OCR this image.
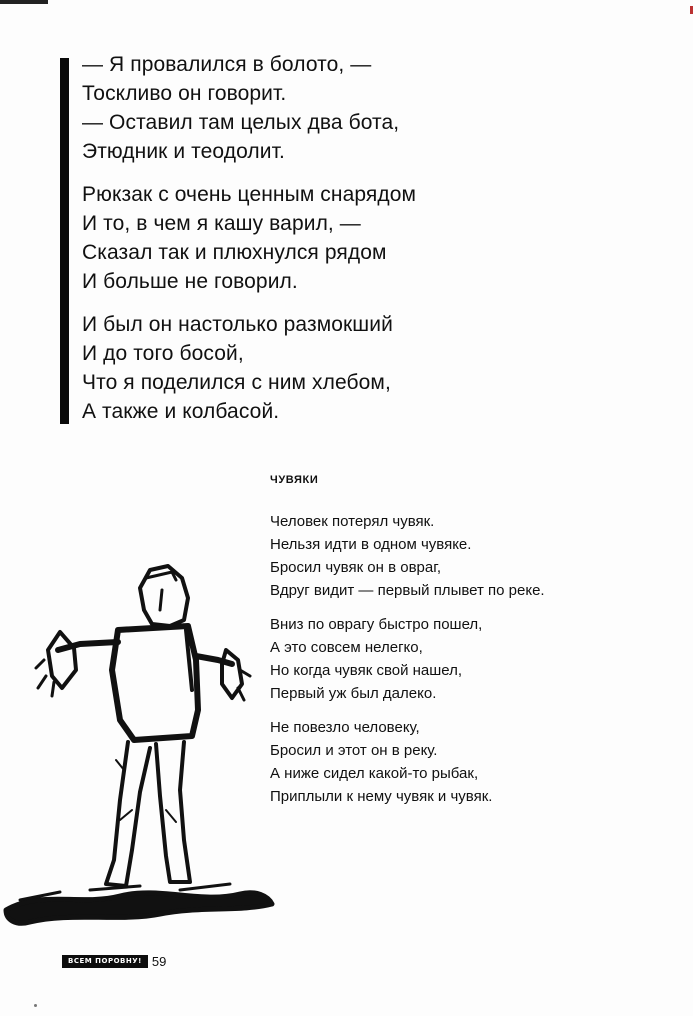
— Я провалился в болото, —
Тоскливо он говорит.
— Оставил там целых два бота,
Этюдник и теодолит.
Рюкзак с очень ценным снарядом
И то, в чем я кашу варил, —
Сказал так и плюхнулся рядом
И больше не говорил.
И был он настолько размокший
И до того босой,
Что я поделился с ним хлебом,
А также и колбасой.
ЧУВЯКИ
Человек потерял чувяк.
Нельзя идти в одном чувяке.
Бросил чувяк он в овраг,
Вдруг видит — первый плывет по реке.
Вниз по оврагу быстро пошел,
А это совсем нелегко,
Но когда чувяк свой нашел,
Первый уж был далеко.
Не повезло человеку,
Бросил и этот он в реку.
А ниже сидел какой-то рыбак,
Приплыли к нему чувяк и чувяк.
ВСЕМ ПОРОВНУ! 59
